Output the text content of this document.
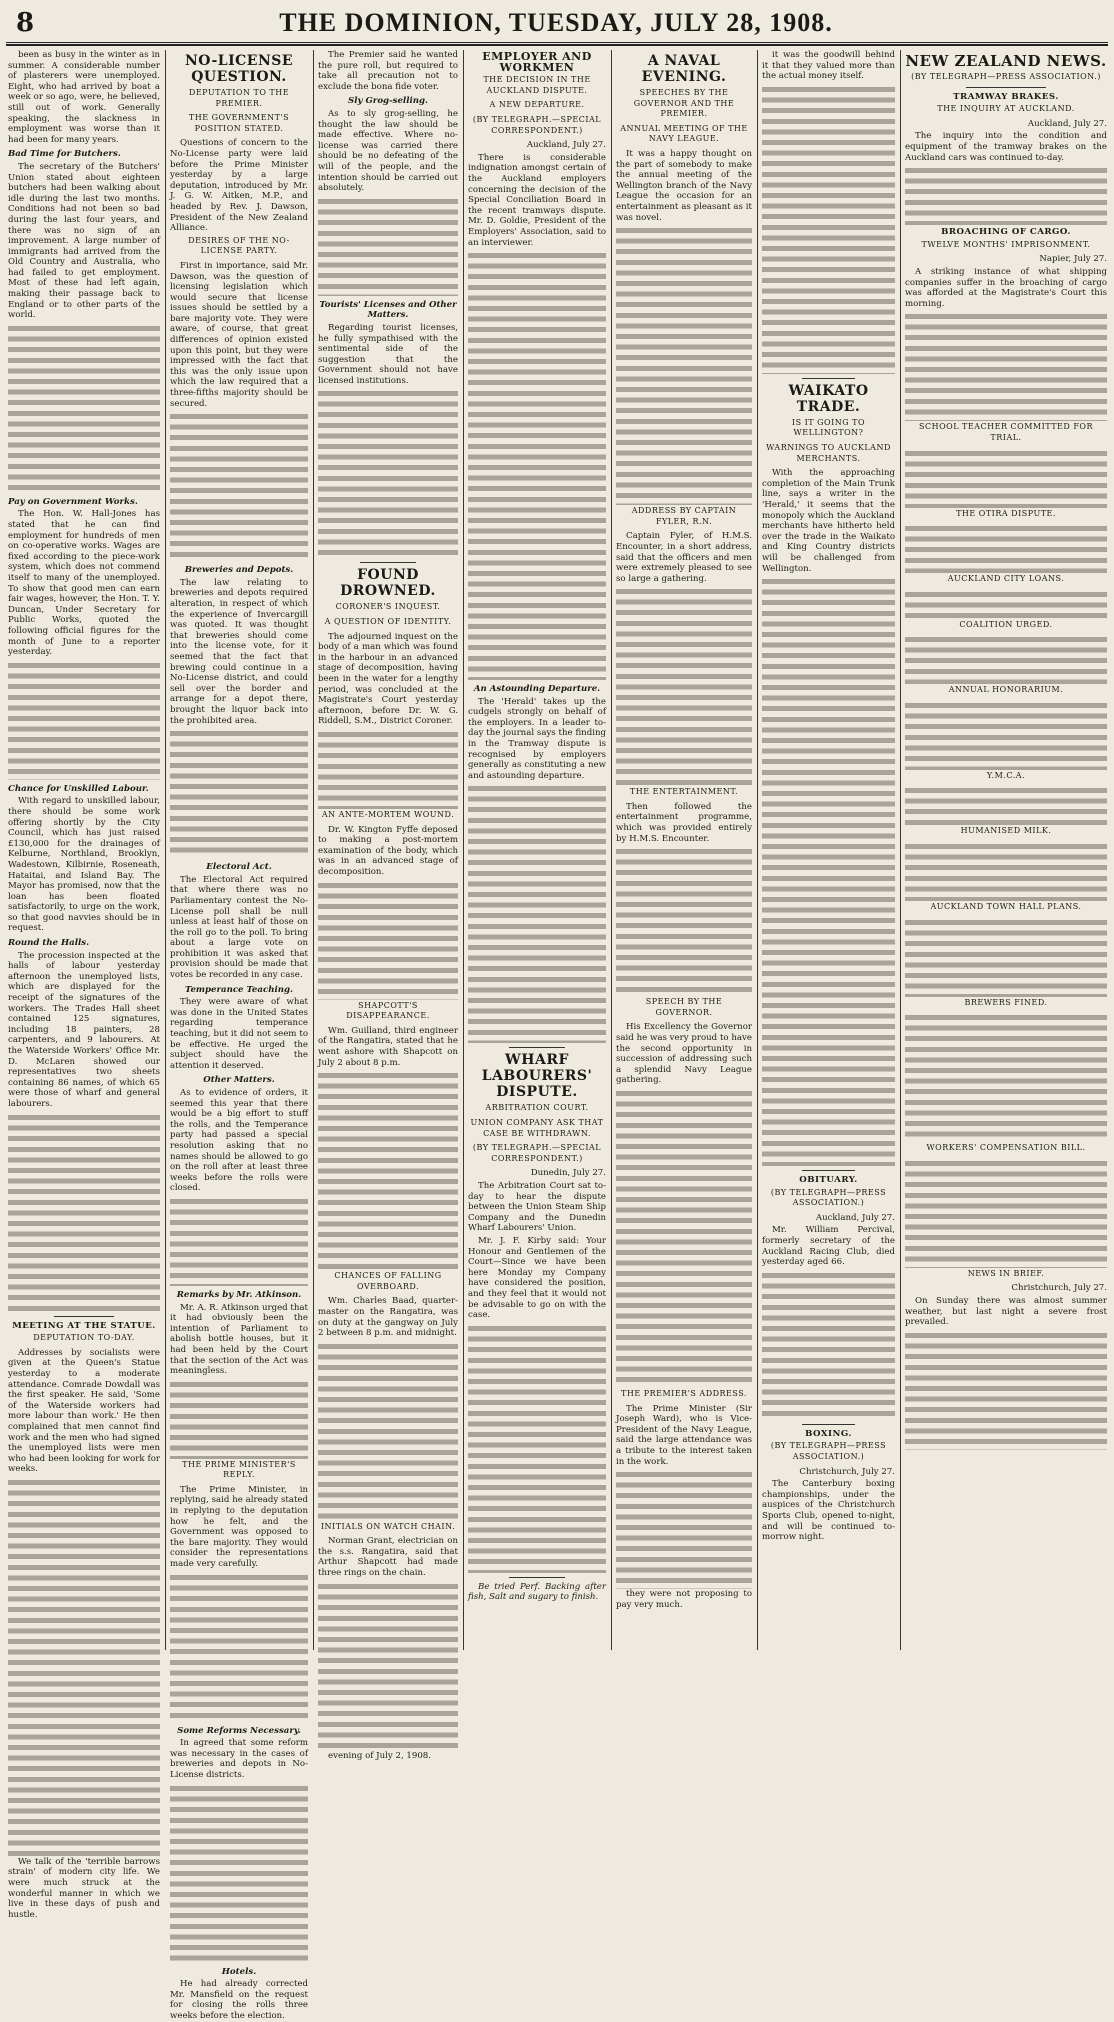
8	THE DOMINION, TUESDAY, JULY 28, 1908.

been as busy in the winter as in summer. A considerable number of plasterers were unemployed. Eight, who had arrived by boat a week or so ago, were, he believed, still out of work. Generally speaking, the slackness in employment was worse than it had been for many years.

Bad Time for Butchers.

The secretary of the Butchers' Union stated about eighteen butchers had been walking about idle during the last two months. Conditions had not been so bad during the last four years, and there was no sign of an improvement. A large number of immigrants had arrived from the Old Country and Australia, who had failed to get employment. Most of these had left again, making their passage back to England or to other parts of the world.

Pay on Government Works.

The Hon. W. Hall-Jones has stated that he can find employment for hundreds of men on co-operative works. Wages are fixed according to the piece-work system, which does not commend itself to many of the unemployed. To show that good men can earn fair wages, however, the Hon. T. Y. Duncan, Under Secretary for Public Works, quoted the following official figures for the month of June to a reporter yesterday.

Chance for Unskilled Labour.

With regard to unskilled labour, there should be some work offering shortly by the City Council, which has just raised £130,000 for the drainages of Kelburne, Northland, Brooklyn, Wadestown, Kilbirnie, Roseneath, Hataitai, and Island Bay. The Mayor has promised, now that the loan has been floated satisfactorily, to urge on the work, so that good navvies should be in request.

Round the Halls.

The procession inspected at the halls of labour yesterday afternoon the unemployed lists, which are displayed for the receipt of the signatures of the workers. The Trades Hall sheet contained 125 signatures, including 18 painters, 28 carpenters, and 9 labourers. At the Waterside Workers' Office Mr. D. McLaren showed our representatives two sheets containing 86 names, of which 65 were those of wharf and general labourers.

MEETING AT THE STATUE.
DEPUTATION TO-DAY.

Addresses by socialists were given at the Queen's Statue yesterday to a moderate attendance. Comrade Dowdall was the first speaker. He said, 'Some of the Waterside workers had more labour than work.' He then complained that men cannot find work and the men who had signed the unemployed lists were men who had been looking for work for weeks.

We talk of the 'terrible barrows strain' of modern city life. We were much struck at the wonderful manner in which we live in these days of push and hustle.

NO-LICENSE QUESTION.
DEPUTATION TO THE PREMIER.
THE GOVERNMENT'S POSITION STATED.

Questions of concern to the No-License party were laid before the Prime Minister yesterday by a large deputation, introduced by Mr. J. G. W. Aitken, M.P., and headed by Rev. J. Dawson, President of the New Zealand Alliance.

DESIRES OF THE NO-LICENSE PARTY.

First in importance, said Mr. Dawson, was the question of licensing legislation which would secure that license issues should be settled by a bare majority vote. They were aware, of course, that great differences of opinion existed upon this point, but they were impressed with the fact that this was the only issue upon which the law required that a three-fifths majority should be secured.

Breweries and Depots.

The law relating to breweries and depots required alteration, in respect of which the experience of Invercargill was quoted. It was thought that breweries should come into the license vote, for it seemed that the fact that brewing could continue in a No-License district, and could sell over the border and arrange for a depot there, brought the liquor back into the prohibited area.

Electoral Act.

The Electoral Act required that where there was no Parliamentary contest the No-License poll shall be null unless at least half of those on the roll go to the poll. To bring about a large vote on prohibition it was asked that provision should be made that votes be recorded in any case.

Temperance Teaching.

They were aware of what was done in the United States regarding temperance teaching, but it did not seem to be effective. He urged the subject should have the attention it deserved.

Other Matters.

As to evidence of orders, it seemed this year that there would be a big effort to stuff the rolls, and the Temperance party had passed a special resolution asking that no names should be allowed to go on the roll after at least three weeks before the rolls were closed.

Remarks by Mr. Atkinson.

Mr. A. R. Atkinson urged that it had obviously been the intention of Parliament to abolish bottle houses, but it had been held by the Court that the section of the Act was meaningless.

THE PRIME MINISTER'S REPLY.

The Prime Minister, in replying, said he already stated in replying to the deputation how he felt, and the Government was opposed to the bare majority. They would consider the representations made very carefully.

Some Reforms Necessary.

In agreed that some reform was necessary in the cases of breweries and depots in No-License districts.

Hotels.

He had already corrected Mr. Mansfield on the request for closing the rolls three weeks before the election.

The Premier said he wanted the pure roll, but required to take all precaution not to exclude the bona fide voter.

Sly Grog-selling.

As to sly grog-selling, he thought the law should be made effective. Where no-license was carried there should be no defeating of the will of the people, and the intention should be carried out absolutely.

Tourists' Licenses and Other Matters.

Regarding tourist licenses, he fully sympathised with the sentimental side of the suggestion that the Government should not have licensed institutions.

FOUND DROWNED.
CORONER'S INQUEST.
A QUESTION OF IDENTITY.

The adjourned inquest on the body of a man which was found in the harbour in an advanced stage of decomposition, having been in the water for a lengthy period, was concluded at the Magistrate's Court yesterday afternoon, before Dr. W. G. Riddell, S.M., District Coroner.

AN ANTE-MORTEM WOUND.

Dr. W. Kington Fyffe deposed to making a post-mortem examination of the body, which was in an advanced stage of decomposition.

SHAPCOTT'S DISAPPEARANCE.

Wm. Guilland, third engineer of the Rangatira, stated that he went ashore with Shapcott on July 2 about 8 p.m.

CHANCES OF FALLING OVERBOARD.

Wm. Charles Baad, quarter-master on the Rangatira, was on duty at the gangway on July 2 between 8 p.m. and midnight.

INITIALS ON WATCH CHAIN.

Norman Grant, electrician on the s.s. Rangatira, said that Arthur Shapcott had made three rings on the chain.

evening of July 2, 1908.

EMPLOYER AND WORKMEN
THE DECISION IN THE AUCKLAND DISPUTE.
A NEW DEPARTURE.
(BY TELEGRAPH.—SPECIAL CORRESPONDENT.)

Auckland, July 27.

There is considerable indignation amongst certain of the Auckland employers concerning the decision of the Special Conciliation Board in the recent tramways dispute. Mr. D. Goldie, President of the Employers' Association, said to an interviewer.

An Astounding Departure.

The 'Herald' takes up the cudgels strongly on behalf of the employers. In a leader to-day the journal says the finding in the Tramway dispute is recognised by employers generally as constituting a new and astounding departure.

WHARF LABOURERS' DISPUTE.
ARBITRATION COURT.
UNION COMPANY ASK THAT CASE BE WITHDRAWN.
(BY TELEGRAPH.—SPECIAL CORRESPONDENT.)

Dunedin, July 27.

The Arbitration Court sat to-day to hear the dispute between the Union Steam Ship Company and the Dunedin Wharf Labourers' Union.

Mr. J. F. Kirby said: Your Honour and Gentlemen of the Court—Since we have been here Monday my Company have considered the position, and they feel that it would not be advisable to go on with the case.

Be tried Perf. Backing after fish, Salt and sugary to finish.

A NAVAL EVENING.
SPEECHES BY THE GOVERNOR AND THE PREMIER.
ANNUAL MEETING OF THE NAVY LEAGUE.

It was a happy thought on the part of somebody to make the annual meeting of the Wellington branch of the Navy League the occasion for an entertainment as pleasant as it was novel.

ADDRESS BY CAPTAIN FYLER, R.N.

Captain Fyler, of H.M.S. Encounter, in a short address, said that the officers and men were extremely pleased to see so large a gathering.

THE ENTERTAINMENT.

Then followed the entertainment programme, which was provided entirely by H.M.S. Encounter.

SPEECH BY THE GOVERNOR.

His Excellency the Governor said he was very proud to have the second opportunity in succession of addressing such a splendid Navy League gathering.

THE PREMIER'S ADDRESS.

The Prime Minister (Sir Joseph Ward), who is Vice-President of the Navy League, said the large attendance was a tribute to the interest taken in the work.

they were not proposing to pay very much.

it was the goodwill behind it that they valued more than the actual money itself.

WAIKATO TRADE.
IS IT GOING TO WELLINGTON?
WARNINGS TO AUCKLAND MERCHANTS.

With the approaching completion of the Main Trunk line, says a writer in the 'Herald,' it seems that the monopoly which the Auckland merchants have hitherto held over the trade in the Waikato and King Country districts will be challenged from Wellington.

OBITUARY.
(BY TELEGRAPH—PRESS ASSOCIATION.)

Auckland, July 27.

Mr. William Percival, formerly secretary of the Auckland Racing Club, died yesterday aged 66.

BOXING.
(BY TELEGRAPH—PRESS ASSOCIATION.)

Christchurch, July 27.

The Canterbury boxing championships, under the auspices of the Christchurch Sports Club, opened to-night, and will be continued to-morrow night.

NEW ZEALAND NEWS.
(BY TELEGRAPH—PRESS ASSOCIATION.)
TRAMWAY BRAKES.
THE INQUIRY AT AUCKLAND.

Auckland, July 27.

The inquiry into the condition and equipment of the tramway brakes on the Auckland cars was continued to-day.

BROACHING OF CARGO.
TWELVE MONTHS' IMPRISONMENT.

Napier, July 27.

A striking instance of what shipping companies suffer in the broaching of cargo was afforded at the Magistrate's Court this morning.

SCHOOL TEACHER COMMITTED FOR TRIAL.
THE OTIRA DISPUTE.
AUCKLAND CITY LOANS.
COALITION URGED.
ANNUAL HONORARIUM.
Y.M.C.A.
HUMANISED MILK.
AUCKLAND TOWN HALL PLANS.
BREWERS FINED.
WORKERS' COMPENSATION BILL.
NEWS IN BRIEF.

Christchurch, July 27.

On Sunday there was almost summer weather, but last night a severe frost prevailed.
